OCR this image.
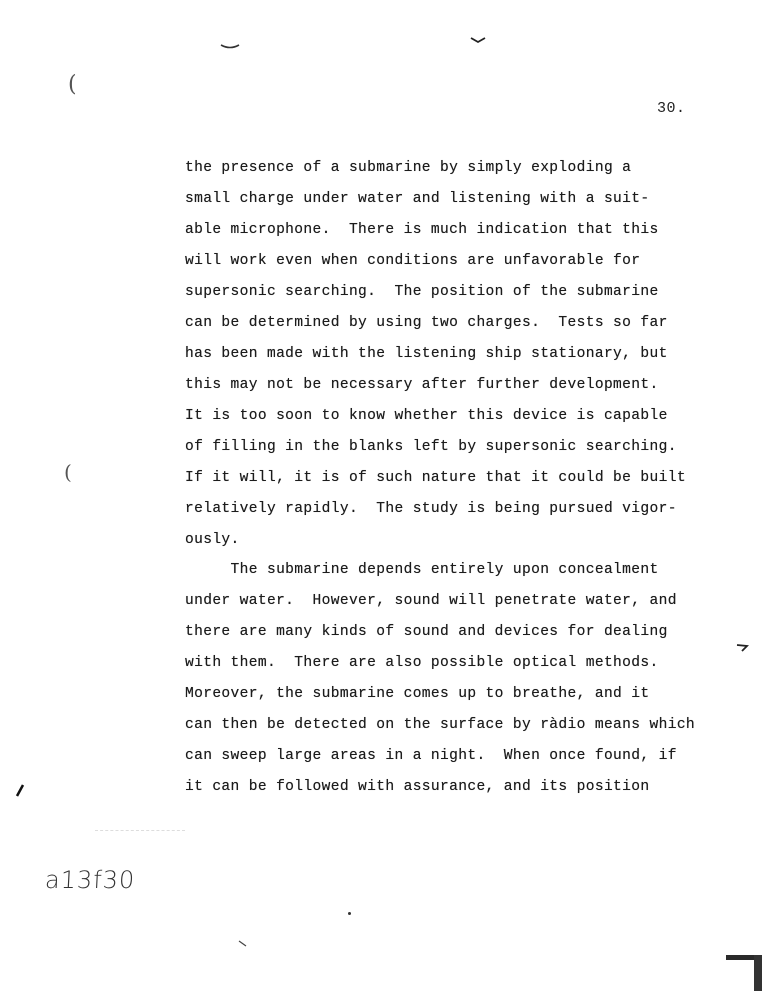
(
(
30.
the presence of a submarine by simply exploding a
small charge under water and listening with a suit-
able microphone.  There is much indication that this
will work even when conditions are unfavorable for
supersonic searching.  The position of the submarine
can be determined by using two charges.  Tests so far
has been made with the listening ship stationary, but
this may not be necessary after further development.
It is too soon to know whether this device is capable
of filling in the blanks left by supersonic searching.
If it will, it is of such nature that it could be built
relatively rapidly.  The study is being pursued vigor-
ously.
The submarine depends entirely upon concealment
under water.  However, sound will penetrate water, and
there are many kinds of sound and devices for dealing
with them.  There are also possible optical methods.
Moreover, the submarine comes up to breathe, and it
can then be detected on the surface by ràdio means which
can sweep large areas in a night.  When once found, if
it can be followed with assurance, and its position
a13f30
